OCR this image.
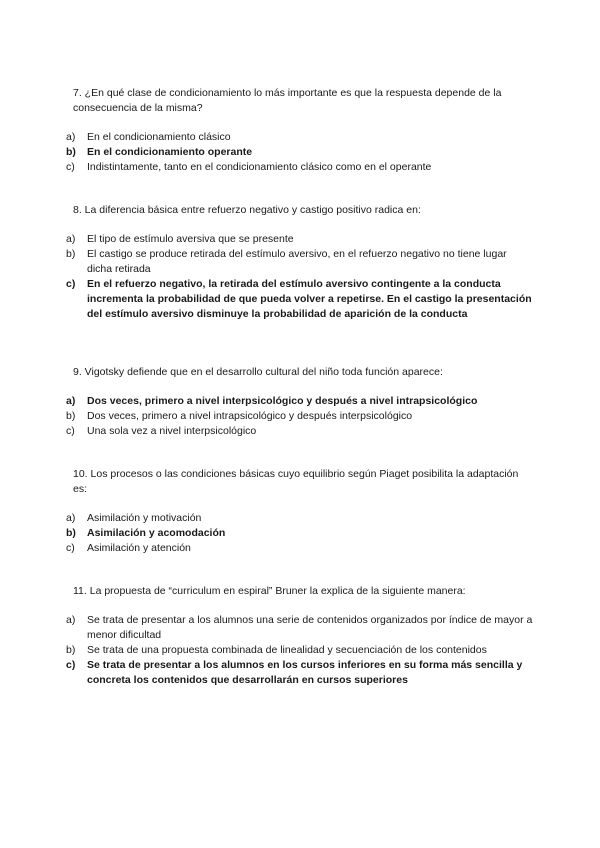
7. ¿En qué clase de condicionamiento lo más importante es que la respuesta depende de la consecuencia de la misma?

a)	En el condicionamiento clásico
b)	En el condicionamiento operante
c)	Indistintamente, tanto en el condicionamiento clásico como en el operante

8. La diferencia básica entre refuerzo negativo y castigo positivo radica en:

a)	El tipo de estímulo aversiva que se presente
b)	El castigo se produce retirada del estímulo aversivo, en el refuerzo negativo no tiene lugar dicha retirada
c)	En el refuerzo negativo, la retirada del estímulo aversivo contingente a la conducta incrementa la probabilidad de que pueda volver a repetirse. En el castigo la presentación del estímulo aversivo disminuye la probabilidad de aparición de la conducta

9. Vigotsky defiende que en el desarrollo cultural del niño toda función aparece:

a)	Dos veces, primero a nivel interpsicológico y después a nivel intrapsicológico
b)	Dos veces, primero a nivel intrapsicológico y después interpsicológico
c)	Una sola vez a nivel interpsicológico

10. Los procesos o las condiciones básicas cuyo equilibrio según Piaget posibilita la adaptación es:

a)	Asimilación y motivación
b)	Asimilación y acomodación
c)	Asimilación y atención

11. La propuesta de “curriculum en espiral” Bruner la explica de la siguiente manera:

a)	Se trata de presentar a los alumnos una serie de contenidos organizados por índice de mayor a menor dificultad
b)	Se trata de una propuesta combinada de linealidad y secuenciación de los contenidos
c)	Se trata de presentar a los alumnos en los cursos inferiores en su forma más sencilla y concreta los contenidos que desarrollarán en cursos superiores
